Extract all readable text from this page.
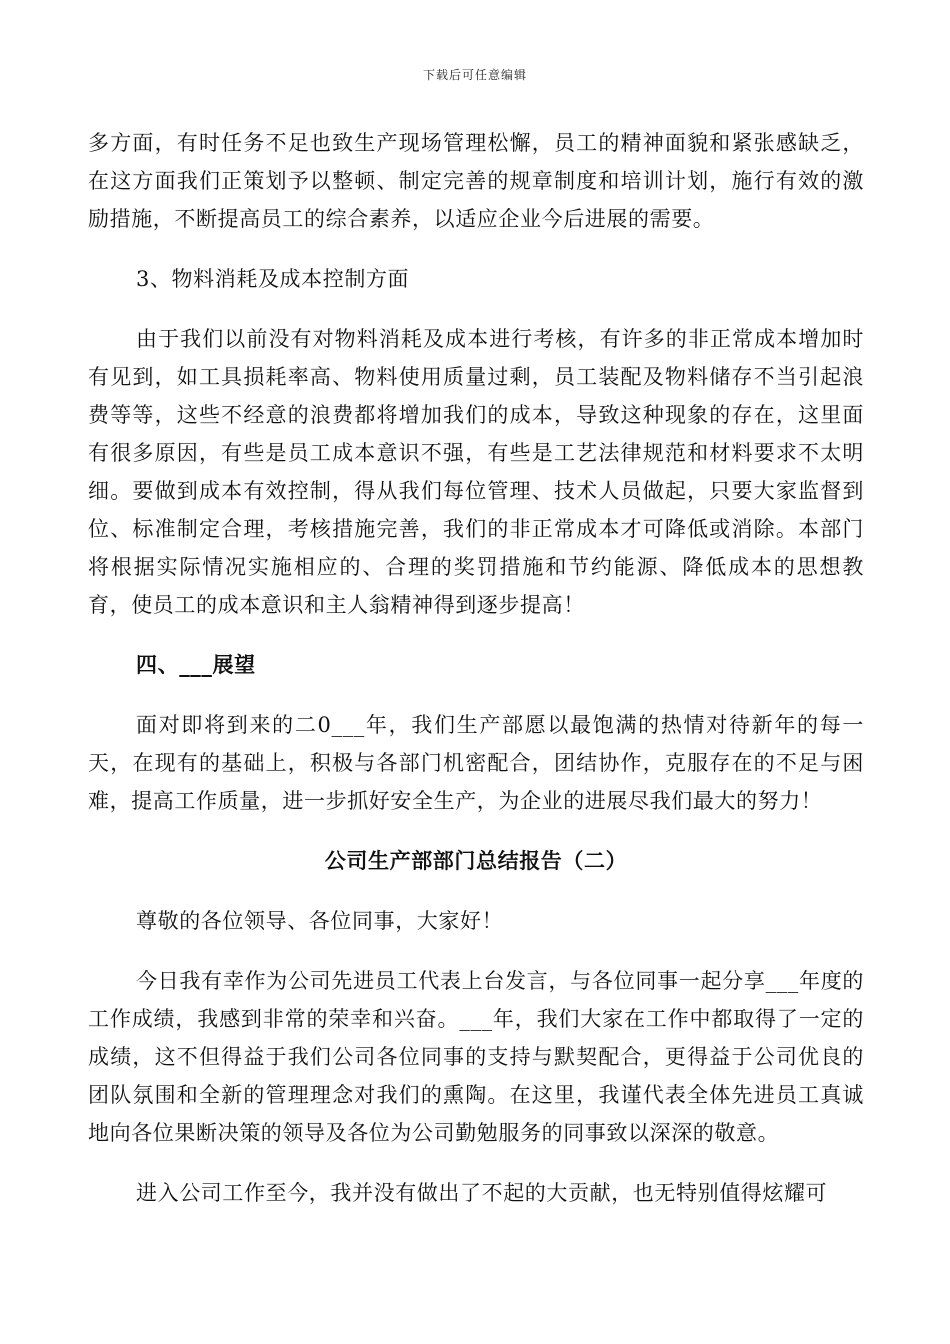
下载后可任意编辑

多方面，有时任务不足也致生产现场管理松懈，员工的精神面貌和紧张感缺乏，在这方面我们正策划予以整顿、制定完善的规章制度和培训计划，施行有效的激励措施，不断提高员工的综合素养，以适应企业今后进展的需要。

3、物料消耗及成本控制方面

由于我们以前没有对物料消耗及成本进行考核，有许多的非正常成本增加时有见到，如工具损耗率高、物料使用质量过剩，员工装配及物料储存不当引起浪费等等，这些不经意的浪费都将增加我们的成本，导致这种现象的存在，这里面有很多原因，有些是员工成本意识不强，有些是工艺法律规范和材料要求不太明细。要做到成本有效控制，得从我们每位管理、技术人员做起，只要大家监督到位、标准制定合理，考核措施完善，我们的非正常成本才可降低或消除。本部门将根据实际情况实施相应的、合理的奖罚措施和节约能源、降低成本的思想教育，使员工的成本意识和主人翁精神得到逐步提高！

四、___展望

面对即将到来的二0___年，我们生产部愿以最饱满的热情对待新年的每一天，在现有的基础上，积极与各部门机密配合，团结协作，克服存在的不足与困难，提高工作质量，进一步抓好安全生产，为企业的进展尽我们最大的努力！

公司生产部部门总结报告（二）

尊敬的各位领导、各位同事，大家好！

今日我有幸作为公司先进员工代表上台发言，与各位同事一起分享___年度的工作成绩，我感到非常的荣幸和兴奋。___年，我们大家在工作中都取得了一定的成绩，这不但得益于我们公司各位同事的支持与默契配合，更得益于公司优良的团队氛围和全新的管理理念对我们的熏陶。在这里，我谨代表全体先进员工真诚地向各位果断决策的领导及各位为公司勤勉服务的同事致以深深的敬意。

进入公司工作至今，我并没有做出了不起的大贡献，也无特别值得炫耀可
